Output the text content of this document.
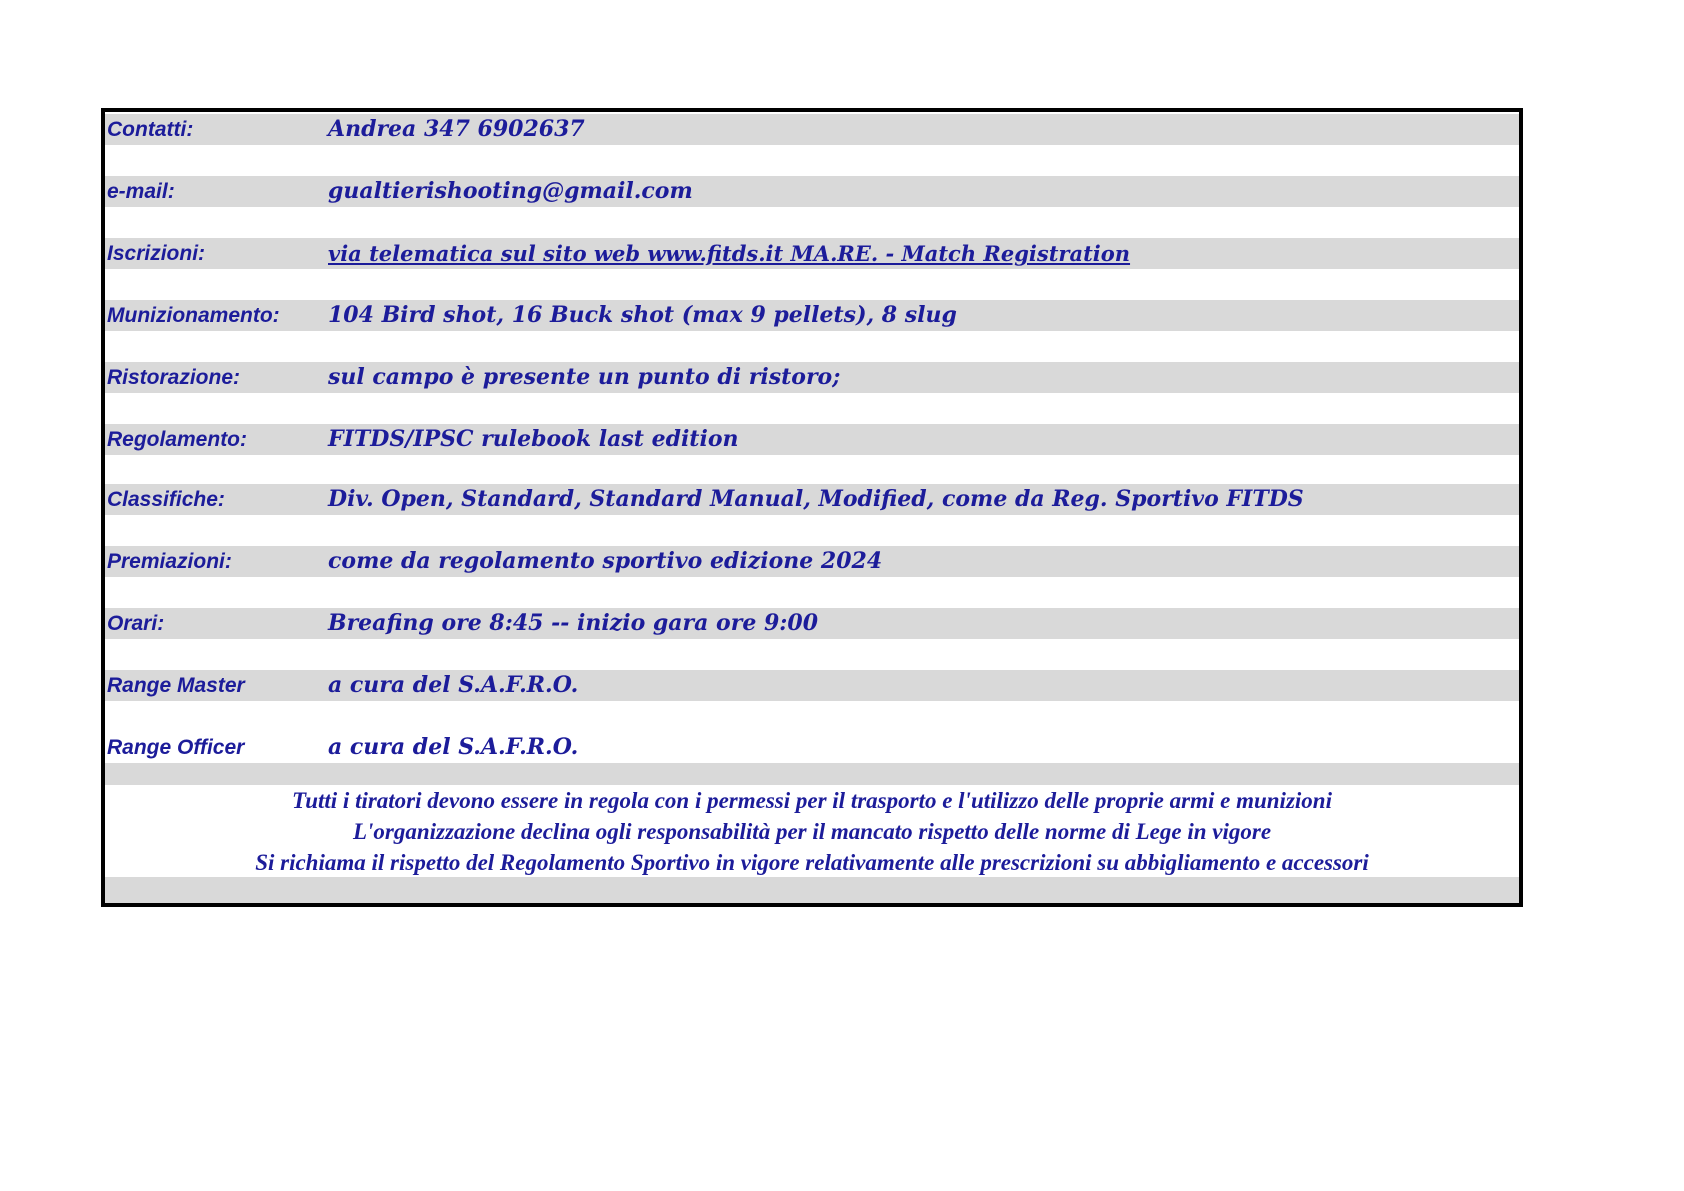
Contatti:	Andrea 347 6902637
e-mail:	gualtierishooting@gmail.com
Iscrizioni:	via telematica sul sito web www.fitds.it MA.RE. - Match Registration
Munizionamento: 104 Bird shot, 16 Buck shot (max 9 pellets), 8 slug
Ristorazione:	sul campo è presente un punto di ristoro;
Regolamento:	FITDS/IPSC rulebook last edition
Classifiche:	Div. Open, Standard, Standard Manual, Modified, come da Reg. Sportivo FITDS
Premiazioni:	come da regolamento sportivo edizione 2024
Orari:	Breafing ore 8:45 -- inizio gara ore 9:00
Range Master	a cura del S.A.F.R.O.
Range Officer	a cura del S.A.F.R.O.
Tutti i tiratori devono essere in regola con i permessi per il trasporto e l'utilizzo delle proprie armi e munizioni
L'organizzazione declina ogli responsabilità per il mancato rispetto delle norme di Lege in vigore
Si richiama il rispetto del Regolamento Sportivo in vigore relativamente alle prescrizioni su abbigliamento e accessori
